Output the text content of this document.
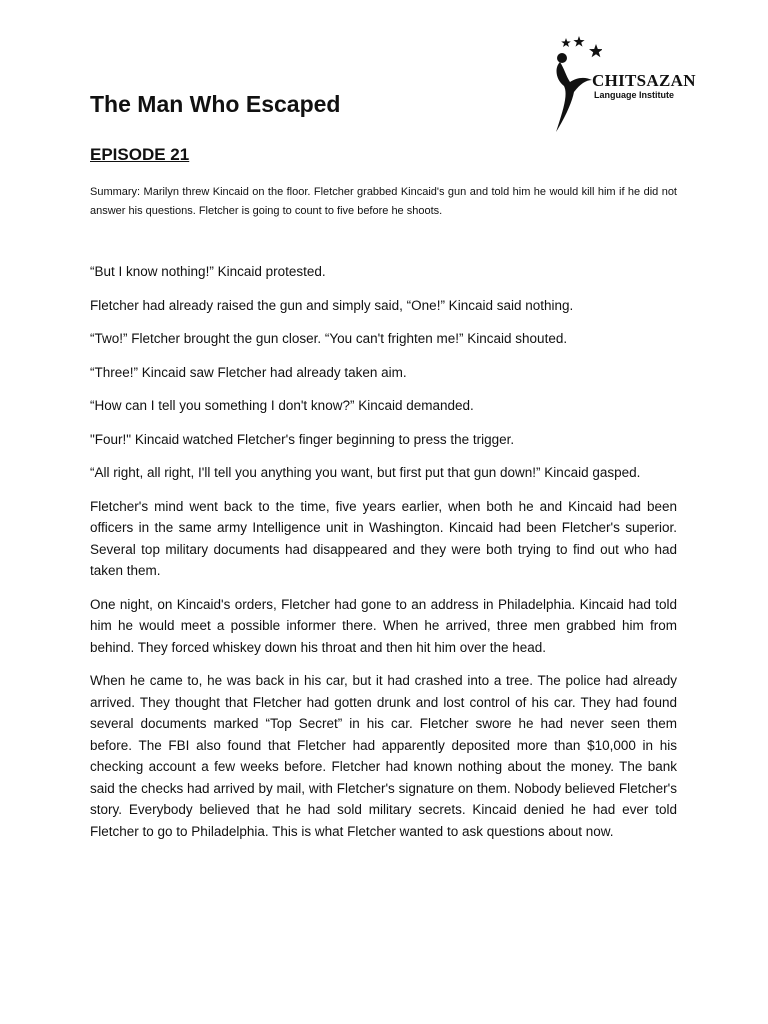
CHITSAZAN
Language Institute
The Man Who Escaped
EPISODE 21

Summary: Marilyn threw Kincaid on the floor. Fletcher grabbed Kincaid's gun and told him he would kill him if he did not answer his questions. Fletcher is going to count to five before he shoots.

“But I know nothing!” Kincaid protested.

Fletcher had already raised the gun and simply said, “One!” Kincaid said nothing.

“Two!” Fletcher brought the gun closer. “You can't frighten me!” Kincaid shouted.

“Three!” Kincaid saw Fletcher had already taken aim.

“How can I tell you something I don't know?” Kincaid demanded.

"Four!" Kincaid watched Fletcher's finger beginning to press the trigger.

“All right, all right, I'll tell you anything you want, but first put that gun down!” Kincaid gasped.

Fletcher's mind went back to the time, five years earlier, when both he and Kincaid had been officers in the same army Intelligence unit in Washington. Kincaid had been Fletcher's superior. Several top military documents had disappeared and they were both trying to find out who had taken them.

One night, on Kincaid's orders, Fletcher had gone to an address in Philadelphia. Kincaid had told him he would meet a possible informer there. When he arrived, three men grabbed him from behind. They forced whiskey down his throat and then hit him over the head.

When he came to, he was back in his car, but it had crashed into a tree. The police had already arrived. They thought that Fletcher had gotten drunk and lost control of his car. They had found several documents marked “Top Secret” in his car. Fletcher swore he had never seen them before. The FBI also found that Fletcher had apparently deposited more than $10,000 in his checking account a few weeks before. Fletcher had known nothing about the money. The bank said the checks had arrived by mail, with Fletcher's signature on them. Nobody believed Fletcher's story. Everybody believed that he had sold military secrets. Kincaid denied he had ever told Fletcher to go to Philadelphia. This is what Fletcher wanted to ask questions about now.
